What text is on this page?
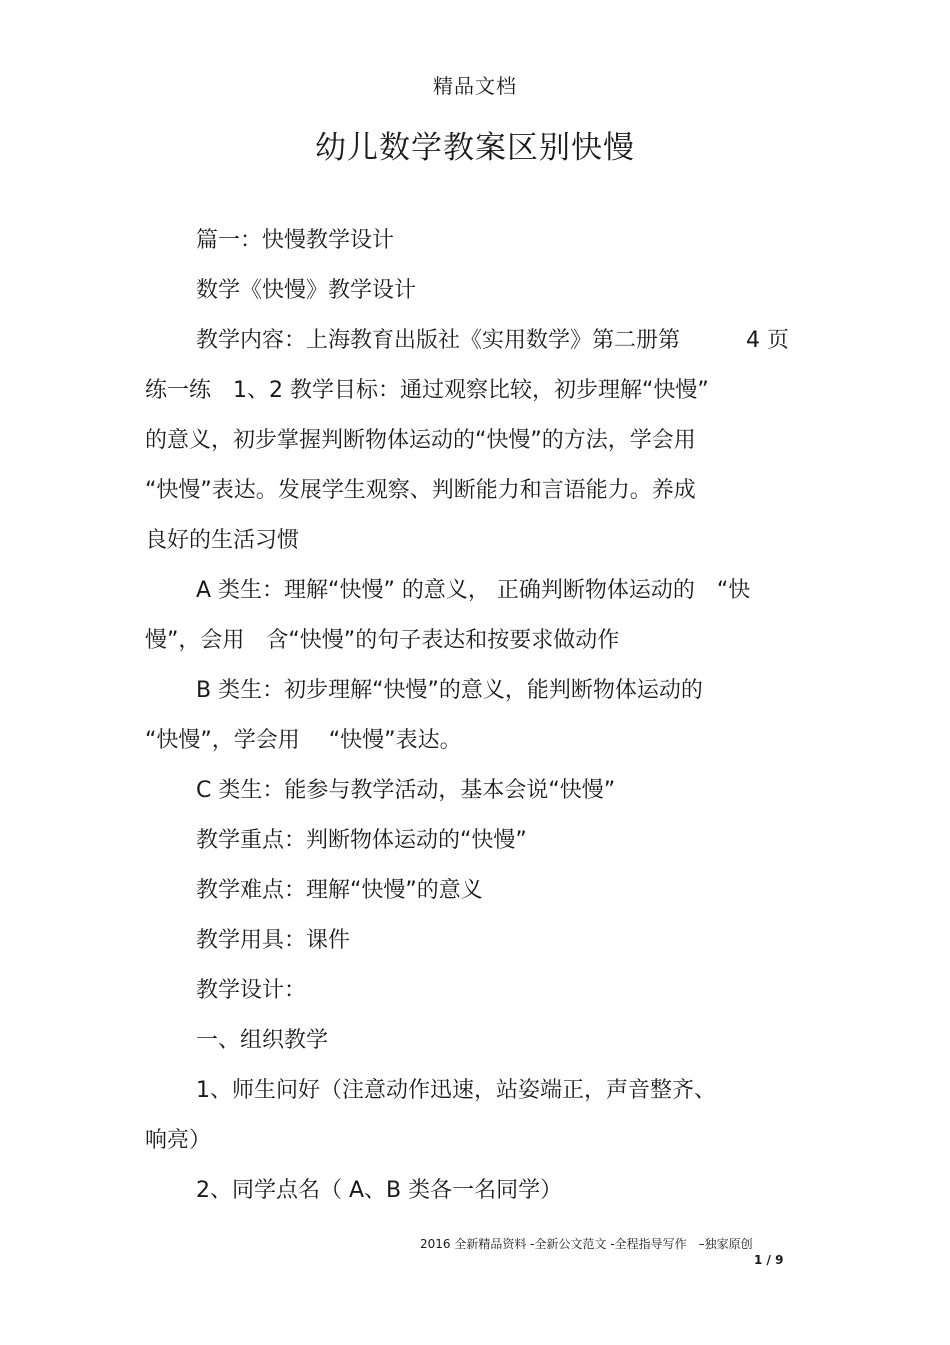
精品文档
幼儿数学教案区别快慢
篇一：快慢教学设计
数学《快慢》教学设计
教学内容：上海教育出版社《实用数学》第二册第　　　4 页
练一练　1、2 教学目标：通过观察比较，初步理解“快慢”
的意义，初步掌握判断物体运动的“快慢”的方法，学会用
“快慢”表达。发展学生观察、判断能力和言语能力。养成
良好的生活习惯
A 类生：理解“快慢” 的意义， 正确判断物体运动的　“快
慢”，会用　含“快慢”的句子表达和按要求做动作
B 类生：初步理解“快慢”的意义，能判断物体运动的
“快慢”，学会用　 “快慢”表达。
C 类生：能参与教学活动，基本会说“快慢”
教学重点：判断物体运动的“快慢”
教学难点：理解“快慢”的意义
教学用具：课件
教学设计：
一、组织教学
1、师生问好（注意动作迅速，站姿端正，声音整齐、
响亮）
2、同学点名（ A、B 类各一名同学）
2016 全新精品资料 -全新公文范文 -全程指导写作　–独家原创
1 / 9
